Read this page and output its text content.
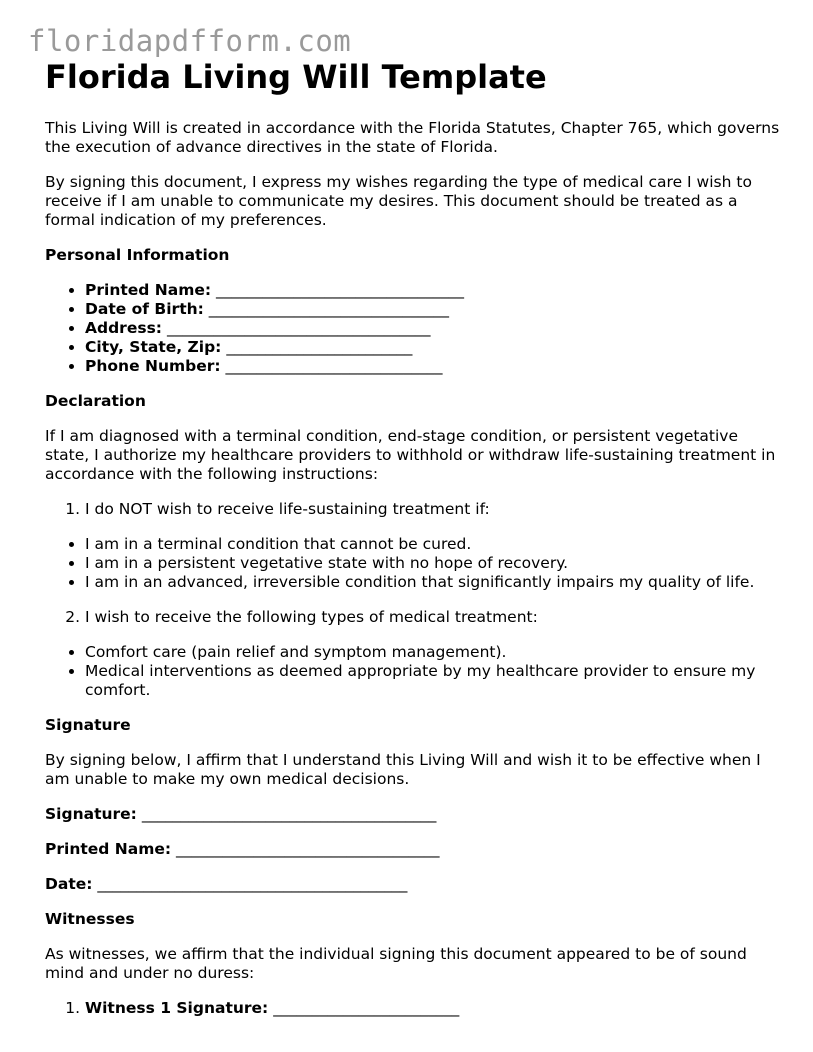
floridapdfform.com
Florida Living Will Template

This Living Will is created in accordance with the Florida Statutes, Chapter 765, which governs the execution of advance directives in the state of Florida.

By signing this document, I express my wishes regarding the type of medical care I wish to receive if I am unable to communicate my desires. This document should be treated as a formal indication of my preferences.

Personal Information

• Printed Name: ________________________________
• Date of Birth: _______________________________
• Address: __________________________________
• City, State, Zip: ________________________
• Phone Number: ____________________________

Declaration

If I am diagnosed with a terminal condition, end-stage condition, or persistent vegetative state, I authorize my healthcare providers to withhold or withdraw life-sustaining treatment in accordance with the following instructions:

1. I do NOT wish to receive life-sustaining treatment if:
• I am in a terminal condition that cannot be cured.
• I am in a persistent vegetative state with no hope of recovery.
• I am in an advanced, irreversible condition that significantly impairs my quality of life.
2. I wish to receive the following types of medical treatment:
• Comfort care (pain relief and symptom management).
• Medical interventions as deemed appropriate by my healthcare provider to ensure my comfort.

Signature

By signing below, I affirm that I understand this Living Will and wish it to be effective when I am unable to make my own medical decisions.

Signature: ______________________________________

Printed Name: __________________________________

Date: ________________________________________

Witnesses

As witnesses, we affirm that the individual signing this document appeared to be of sound mind and under no duress:

1. Witness 1 Signature: ________________________
